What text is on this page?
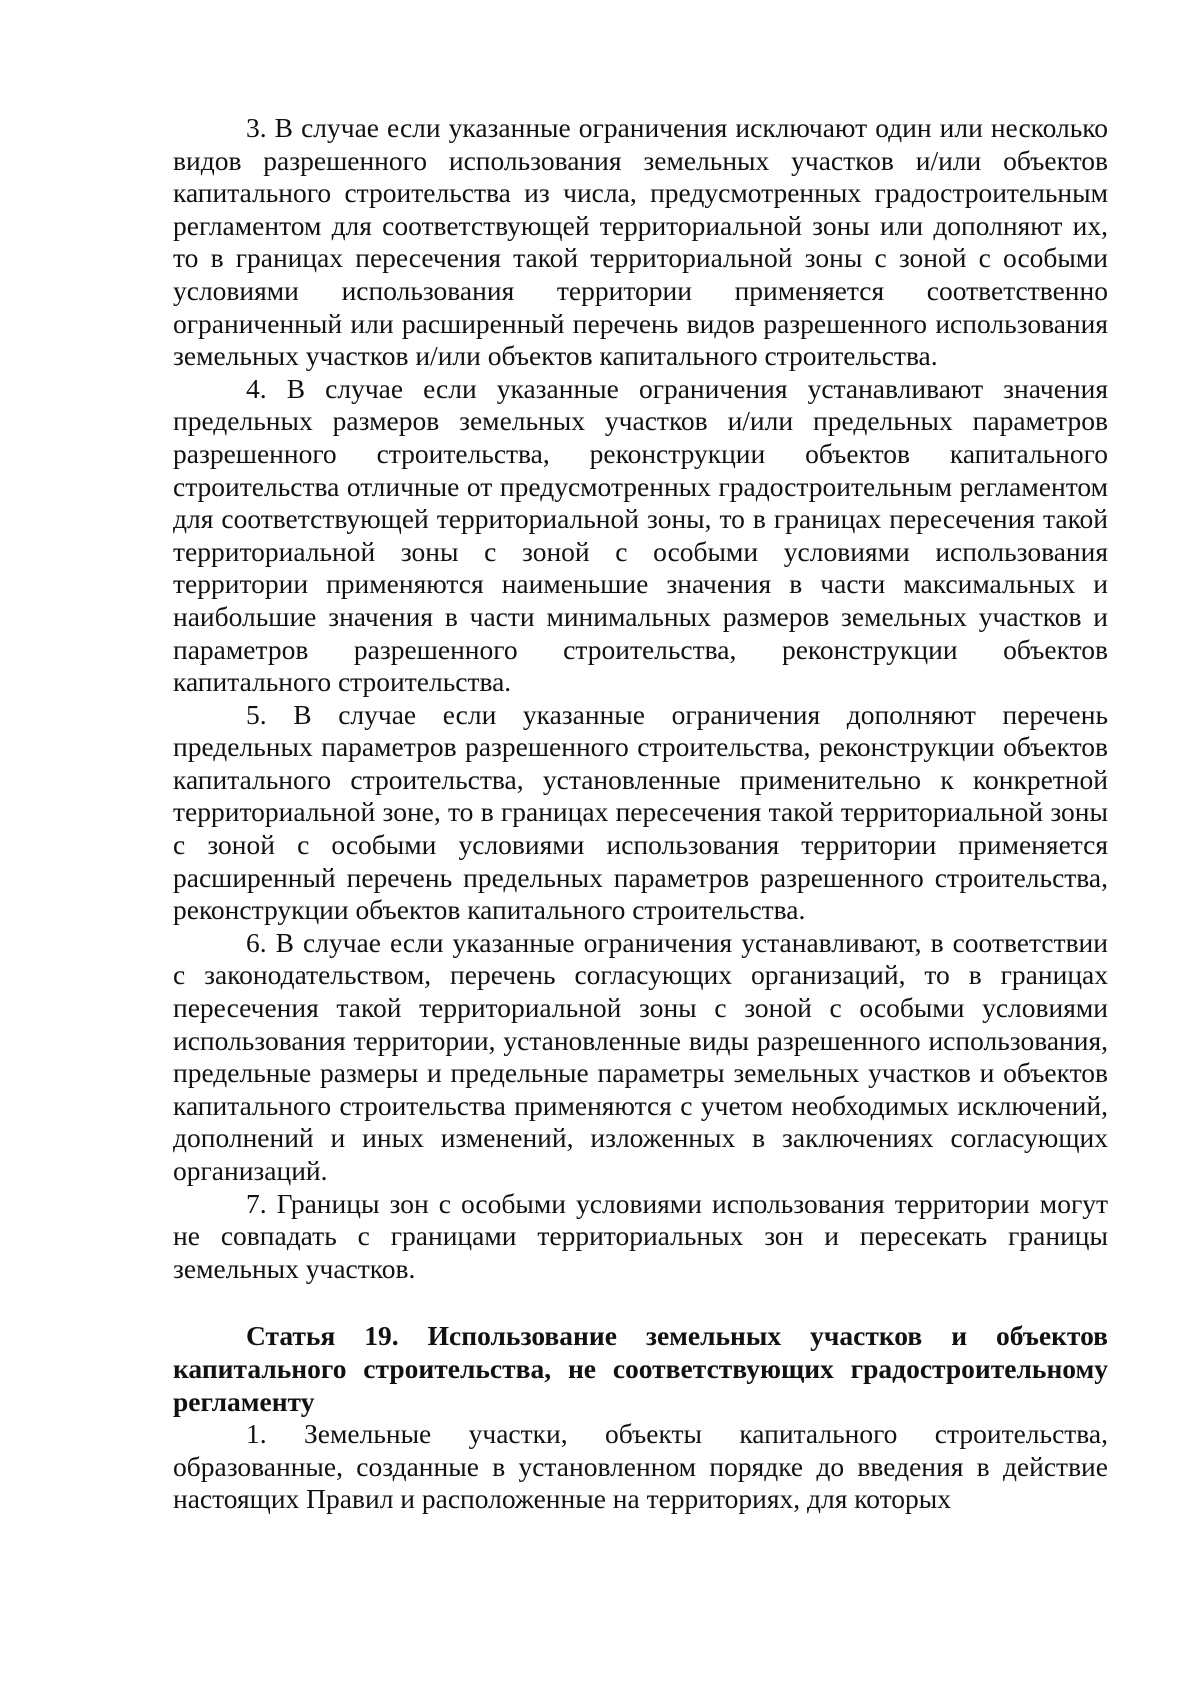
3. В случае если указанные ограничения исключают один или несколько видов разрешенного использования земельных участков и/или объектов капитального строительства из числа, предусмотренных градостроительным регламентом для соответствующей территориальной зоны или дополняют их, то в границах пересечения такой территориальной зоны с зоной с особыми условиями использования территории применяется соответственно ограниченный или расширенный перечень видов разрешенного использования земельных участков и/или объектов капитального строительства.

4. В случае если указанные ограничения устанавливают значения предельных размеров земельных участков и/или предельных параметров разрешенного строительства, реконструкции объектов капитального строительства отличные от предусмотренных градостроительным регламентом для соответствующей территориальной зоны, то в границах пересечения такой территориальной зоны с зоной с особыми условиями использования территории применяются наименьшие значения в части максимальных и наибольшие значения в части минимальных размеров земельных участков и параметров разрешенного строительства, реконструкции объектов капитального строительства.

5. В случае если указанные ограничения дополняют перечень предельных параметров разрешенного строительства, реконструкции объектов капитального строительства, установленные применительно к конкретной территориальной зоне, то в границах пересечения такой территориальной зоны с зоной с особыми условиями использования территории применяется расширенный перечень предельных параметров разрешенного строительства, реконструкции объектов капитального строительства.

6. В случае если указанные ограничения устанавливают, в соответствии с законодательством, перечень согласующих организаций, то в границах пересечения такой территориальной зоны с зоной с особыми условиями использования территории, установленные виды разрешенного использования, предельные размеры и предельные параметры земельных участков и объектов капитального строительства применяются с учетом необходимых исключений, дополнений и иных изменений, изложенных в заключениях согласующих организаций.

7. Границы зон с особыми условиями использования территории могут не совпадать с границами территориальных зон и пересекать границы земельных участков.

Статья 19. Использование земельных участков и объектов капитального строительства, не соответствующих градостроительному регламенту

1. Земельные участки, объекты капитального строительства, образованные, созданные в установленном порядке до введения в действие настоящих Правил и расположенные на территориях, для которых
